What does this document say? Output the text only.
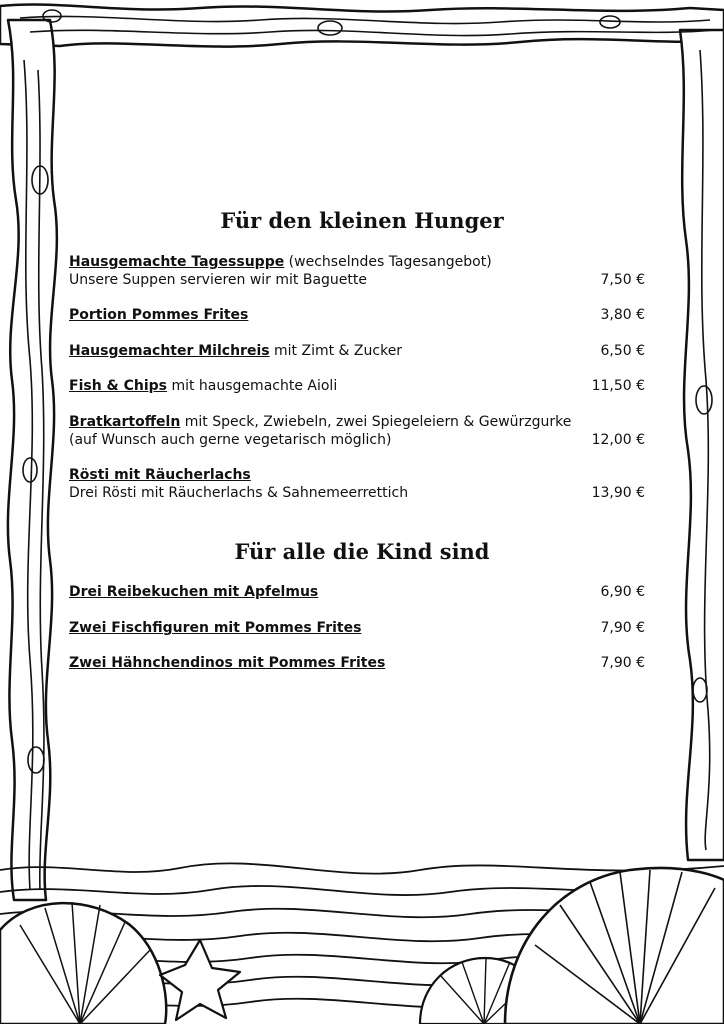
Für den kleinen Hunger
Hausgemachte Tagessuppe (wechselndes Tagesangebot)
Unsere Suppen servieren wir mit Baguette	7,50 €
Portion Pommes Frites	3,80 €
Hausgemachter Milchreis mit Zimt & Zucker	6,50 €
Fish & Chips mit hausgemachte Aioli	11,50 €
Bratkartoffeln mit Speck, Zwiebeln, zwei Spiegeleiern & Gewürzgurke
(auf Wunsch auch gerne vegetarisch möglich)	12,00 €
Rösti mit Räucherlachs
Drei Rösti mit Räucherlachs & Sahnemeerrettich	13,90 €
Für alle die Kind sind
Drei Reibekuchen mit Apfelmus	6,90 €
Zwei Fischfiguren mit Pommes Frites	7,90 €
Zwei Hähnchendinos mit Pommes Frites	7,90 €
